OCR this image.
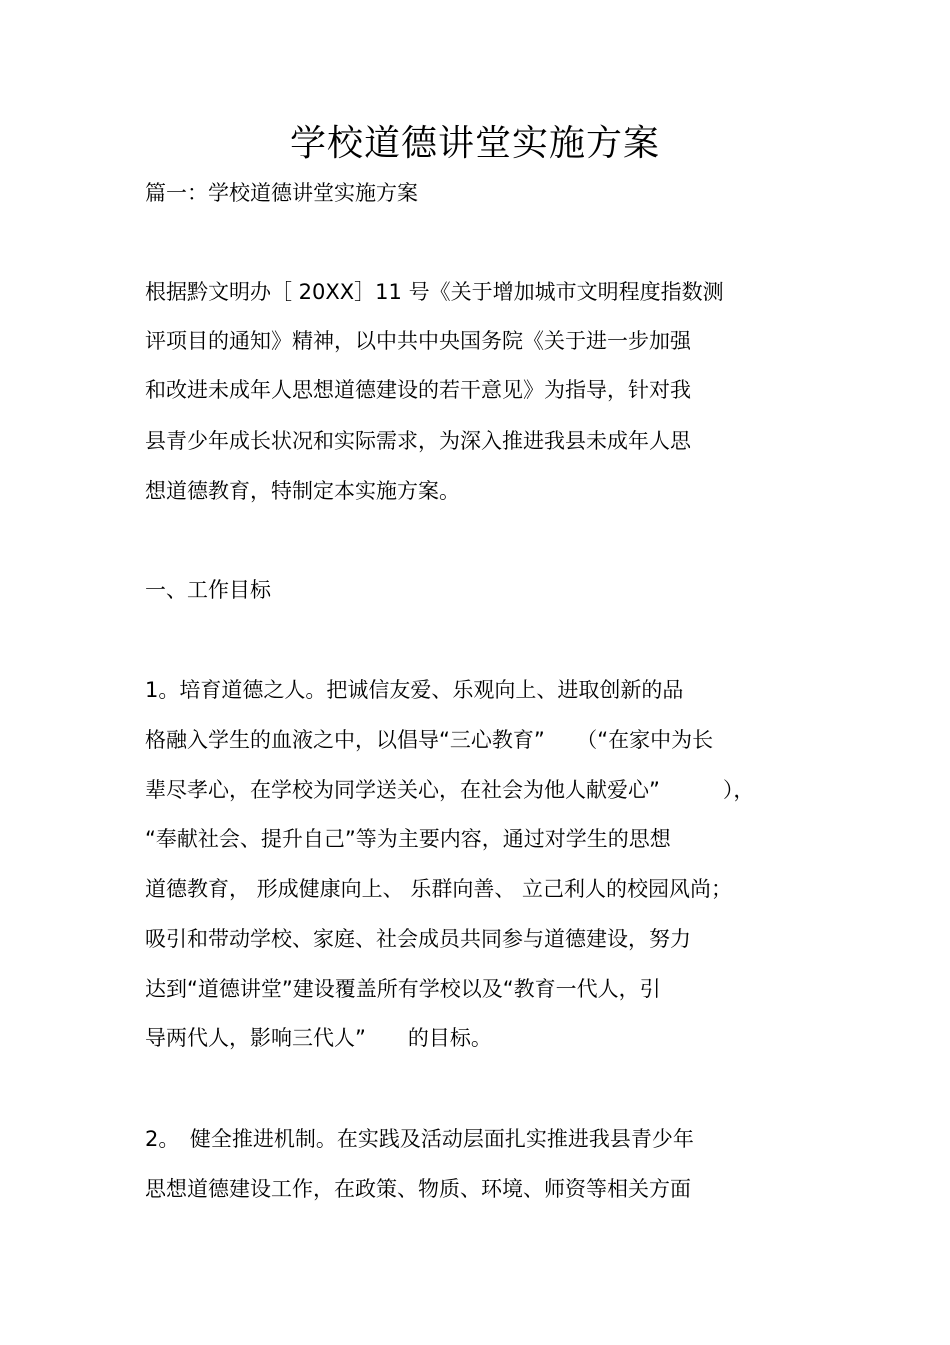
学校道德讲堂实施方案
篇一：学校道德讲堂实施方案
根据黔文明办［ 20XX］11 号《关于增加城市文明程度指数测
评项目的通知》精神，以中共中央国务院《关于进一步加强
和改进未成年人思想道德建设的若干意见》为指导，针对我
县青少年成长状况和实际需求，为深入推进我县未成年人思
想道德教育，特制定本实施方案。
一、工作目标
1。培育道德之人。把诚信友爱、乐观向上、进取创新的品
格融入学生的血液之中，以倡导“三心教育”　　（“在家中为长
辈尽孝心，在学校为同学送关心，在社会为他人献爱心”　　　），
“奉献社会、提升自己”等为主要内容，通过对学生的思想
道德教育， 形成健康向上、 乐群向善、 立己利人的校园风尚；
吸引和带动学校、家庭、社会成员共同参与道德建设，努力
达到“道德讲堂”建设覆盖所有学校以及“教育一代人，引
导两代人，影响三代人”　　的目标。
2。　健全推进机制。在实践及活动层面扎实推进我县青少年
思想道德建设工作，在政策、物质、环境、师资等相关方面
